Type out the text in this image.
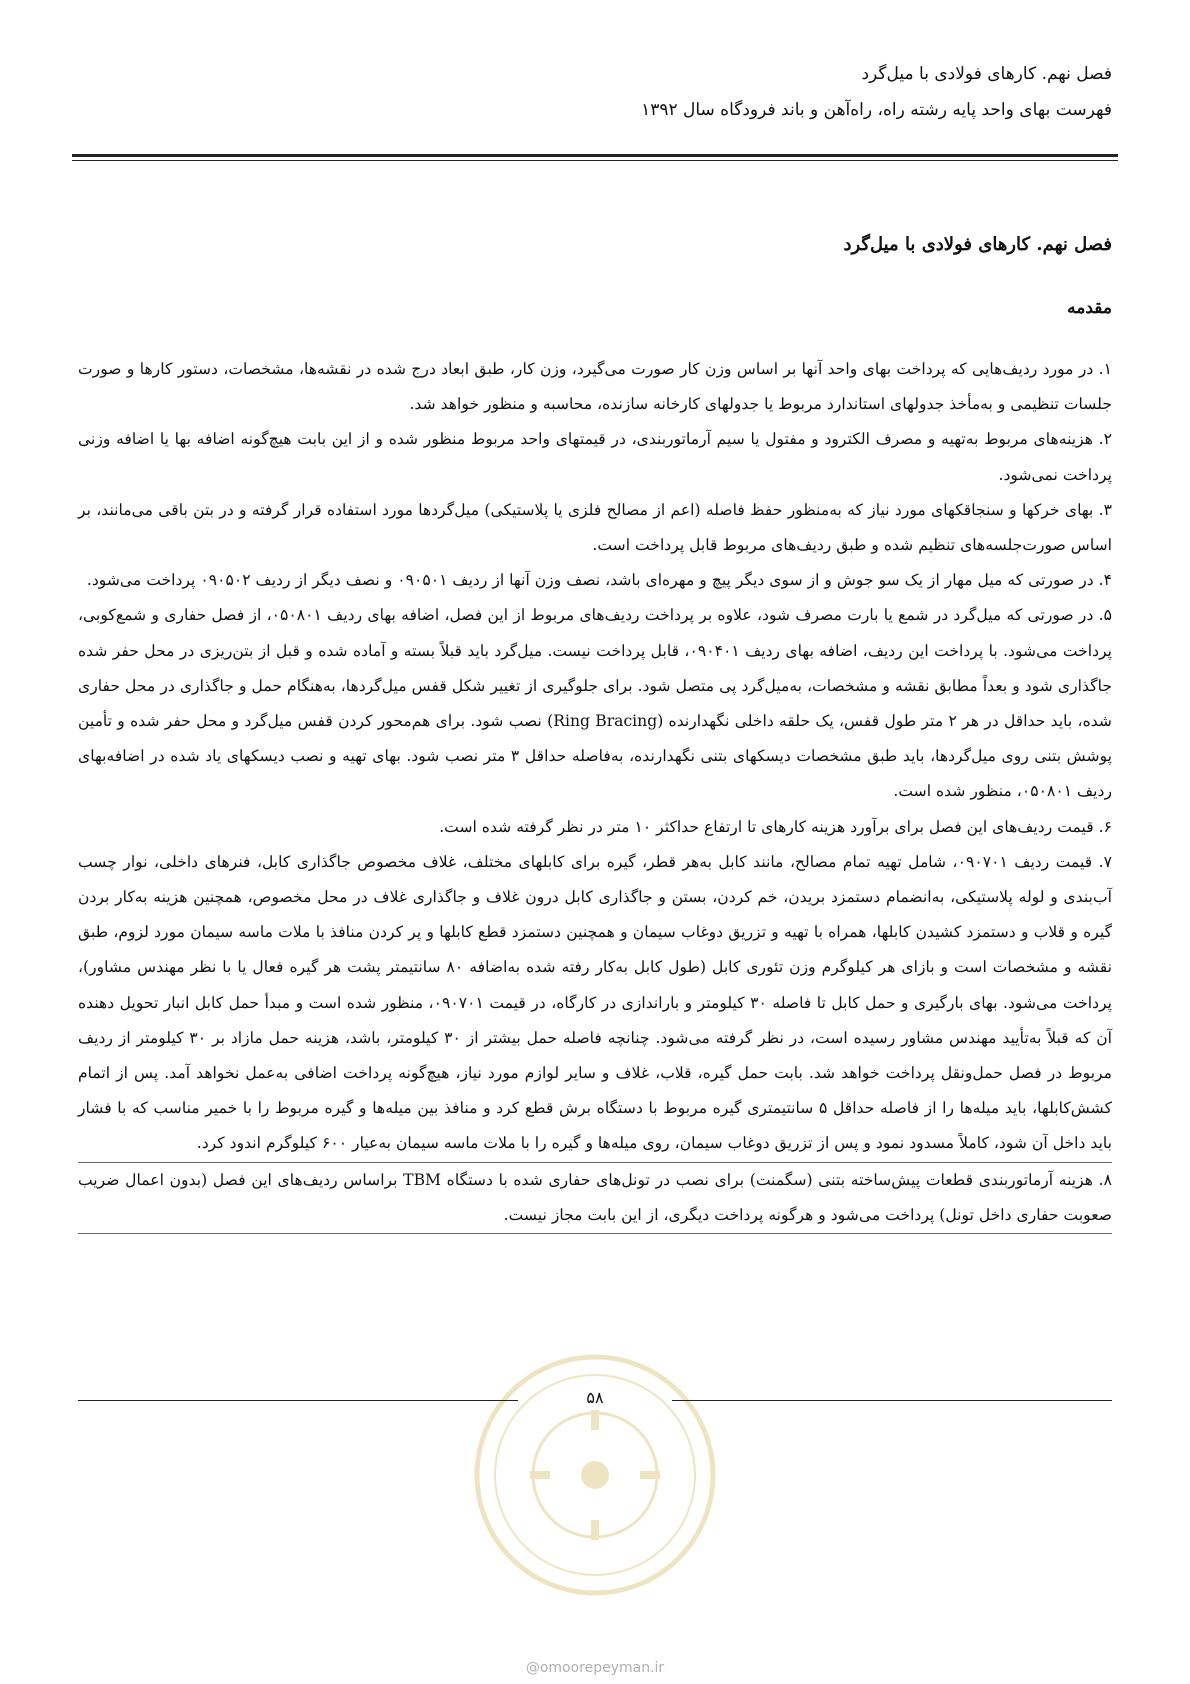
فصل نهم. کارهای فولادی با میل‌گرد
فهرست بهای واحد پایه رشته راه، راه‌آهن و باند فرودگاه سال ۱۳۹۲
فصل نهم. کارهای فولادی با میل‌گرد
مقدمه

۱. در مورد ردیف‌هایی که پرداخت بهای واحد آنها بر اساس وزن کار صورت می‌گیرد، وزن کار، طبق ابعاد درج شده در نقشه‌ها، مشخصات، دستور کارها و صورت جلسات تنظیمی و به‌مأخذ جدولهای استاندارد مربوط یا جدولهای کارخانه سازنده، محاسبه و منظور خواهد شد.

۲. هزینه‌های مربوط به‌تهیه و مصرف الکترود و مفتول یا سیم آرماتوربندی، در قیمتهای واحد مربوط منظور شده و از این بابت هیچ‌گونه اضافه بها یا اضافه وزنی پرداخت نمی‌شود.

۳. بهای خرکها و سنجاقکهای مورد نیاز که به‌منظور حفظ فاصله (اعم از مصالح فلزی یا پلاستیکی) میل‌گردها مورد استفاده قرار گرفته و در بتن باقی می‌مانند، بر اساس صورت‌جلسه‌های تنظیم شده و طبق ردیف‌های مربوط قابل پرداخت است.

۴. در صورتی که میل مهار از یک سو جوش و از سوی دیگر پیچ و مهره‌ای باشد، نصف وزن آنها از ردیف ۰۹۰۵۰۱ و نصف دیگر از ردیف ۰۹۰۵۰۲ پرداخت می‌شود.

۵. در صورتی که میل‌گرد در شمع یا بارت مصرف شود، علاوه بر پرداخت ردیف‌های مربوط از این فصل، اضافه بهای ردیف ۰۵۰۸۰۱، از فصل حفاری و شمع‌کوبی، پرداخت می‌شود. با پرداخت این ردیف، اضافه بهای ردیف ۰۹۰۴۰۱، قابل پرداخت نیست. میل‌گرد باید قبلاً بسته و آماده شده و قبل از بتن‌ریزی در محل حفر شده جاگذاری شود و بعداً مطابق نقشه و مشخصات، به‌میل‌گرد پی متصل شود. برای جلوگیری از تغییر شکل قفس میل‌گردها، به‌هنگام حمل و جاگذاری در محل حفاری شده، باید حداقل در هر ۲ متر طول قفس، یک حلقه داخلی نگهدارنده (Ring Bracing) نصب شود. برای هم‌محور کردن قفس میل‌گرد و محل حفر شده و تأمین پوشش بتنی روی میل‌گردها، باید طبق مشخصات دیسکهای بتنی نگهدارنده، به‌فاصله حداقل ۳ متر نصب شود. بهای تهیه و نصب دیسکهای یاد شده در اضافه‌بهای ردیف ۰۵۰۸۰۱، منظور شده است.

۶. قیمت ردیف‌های این فصل برای برآورد هزینه کارهای تا ارتفاع حداکثر ۱۰ متر در نظر گرفته شده است.

۷. قیمت ردیف ۰۹۰۷۰۱، شامل تهیه تمام مصالح، مانند کابل به‌هر قطر، گیره برای کابلهای مختلف، غلاف مخصوص جاگذاری کابل، فنرهای داخلی، نوار چسب آب‌بندی و لوله پلاستیکی، به‌انضمام دستمزد بریدن، خم کردن، بستن و جاگذاری کابل درون غلاف و جاگذاری غلاف در محل مخصوص، همچنین هزینه به‌کار بردن گیره و قلاب و دستمزد کشیدن کابلها، همراه با تهیه و تزریق دوغاب سیمان و همچنین دستمزد قطع کابلها و پر کردن منافذ با ملات ماسه سیمان مورد لزوم، طبق نقشه و مشخصات است و بازای هر کیلوگرم وزن تئوری کابل (طول کابل به‌کار رفته شده به‌اضافه ۸۰ سانتیمتر پشت هر گیره فعال یا با نظر مهندس مشاور)، پرداخت می‌شود. بهای بارگیری و حمل کابل تا فاصله ۳۰ کیلومتر و باراندازی در کارگاه، در قیمت ۰۹۰۷۰۱، منظور شده است و مبدأ حمل کابل انبار تحویل دهنده آن که قبلاً به‌تأیید مهندس مشاور رسیده است، در نظر گرفته می‌شود. چنانچه فاصله حمل بیشتر از ۳۰ کیلومتر، باشد، هزینه حمل مازاد بر ۳۰ کیلومتر از ردیف مربوط در فصل حمل‌ونقل پرداخت خواهد شد. بابت حمل گیره، قلاب، غلاف و سایر لوازم مورد نیاز، هیچ‌گونه پرداخت اضافی به‌عمل نخواهد آمد. پس از اتمام کشش‌کابلها، باید میله‌ها را از فاصله حداقل ۵ سانتیمتری گیره مربوط با دستگاه برش قطع کرد و منافذ بین میله‌ها و گیره مربوط را با خمیر مناسب که با فشار باید داخل آن شود، کاملاً مسدود نمود و پس از تزریق دوغاب سیمان، روی میله‌ها و گیره را با ملات ماسه سیمان به‌عیار ۶۰۰ کیلوگرم اندود کرد.

۸. هزینه آرماتوربندی قطعات پیش‌ساخته بتنی (سگمنت) برای نصب در تونل‌های حفاری شده با دستگاه TBM براساس ردیف‌های این فصل (بدون اعمال ضریب صعوبت حفاری داخل تونل) پرداخت می‌شود و هرگونه پرداخت دیگری، از این بابت مجاز نیست.

۵۸
@omoorepeyman.ir
